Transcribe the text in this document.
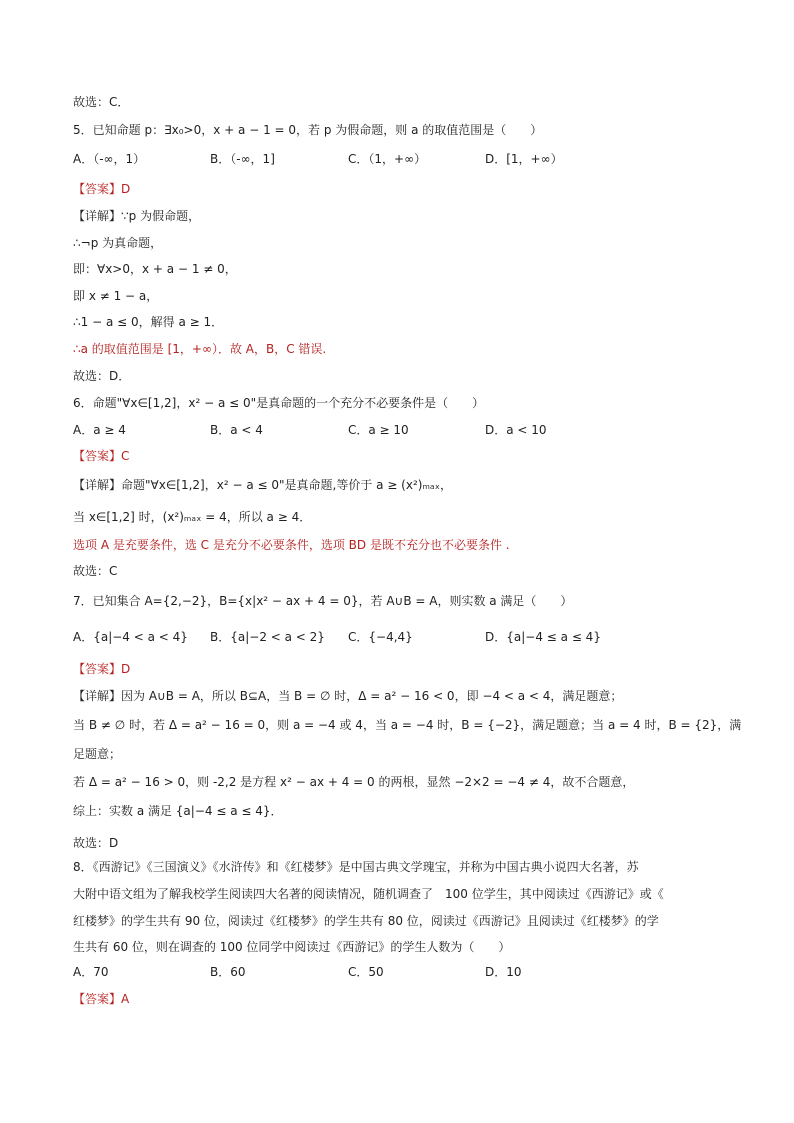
故选：C．
5．已知命题 p：∃x₀>0，x + a − 1 = 0，若 p 为假命题，则 a 的取值范围是（　　）
A．（-∞，1）	B．（-∞，1]	C．（1，+∞）	D．[1，+∞）
【答案】D
【详解】∵p 为假命题，
∴¬p 为真命题，
即：∀x>0，x + a − 1 ≠ 0，
即 x ≠ 1 − a，
∴1 − a ≤ 0，解得 a ≥ 1．
∴a 的取值范围是 [1，+∞）．故 A，B，C 错误.
故选：D．
6．命题"∀x∈[1,2]，x² − a ≤ 0"是真命题的一个充分不必要条件是（　　）
A．a ≥ 4	B．a < 4	C．a ≥ 10	D．a < 10
【答案】C
【详解】命题"∀x∈[1,2]，x² − a ≤ 0"是真命题,等价于 a ≥ (x²)ₘₐₓ，
当 x∈[1,2] 时，(x²)ₘₐₓ = 4，所以 a ≥ 4．
选项 A 是充要条件，选 C 是充分不必要条件，选项 BD 是既不充分也不必要条件 .
故选：C
7．已知集合 A={2,−2}，B={x|x² − ax + 4 = 0}，若 A∪B = A，则实数 a 满足（　　）
A．{a|−4 < a < 4} B．{a|−2 < a < 2} C．{−4,4}	D．{a|−4 ≤ a ≤ 4}
【答案】D
【详解】因为 A∪B = A，所以 B⊆A，当 B = ∅ 时，Δ = a² − 16 < 0，即 −4 < a < 4，满足题意；
当 B ≠ ∅ 时，若 Δ = a² − 16 = 0，则 a = −4 或 4，当 a = −4 时，B = {−2}，满足题意；当 a = 4 时，B = {2}，满
足题意；
若 Δ = a² − 16 > 0，则 -2,2 是方程 x² − ax + 4 = 0 的两根，显然 −2×2 = −4 ≠ 4，故不合题意，
综上：实数 a 满足 {a|−4 ≤ a ≤ 4}．
故选：D
8．《西游记》《三国演义》《水浒传》和《红楼梦》是中国古典文学瑰宝，并称为中国古典小说四大名著，苏
大附中语文组为了解我校学生阅读四大名著的阅读情况，随机调查了　100 位学生，其中阅读过《西游记》或《
红楼梦》的学生共有 90 位，阅读过《红楼梦》的学生共有 80 位，阅读过《西游记》且阅读过《红楼梦》的学
生共有 60 位，则在调查的 100 位同学中阅读过《西游记》的学生人数为（　　）
A．70	B．60	C．50	D．10
【答案】A
